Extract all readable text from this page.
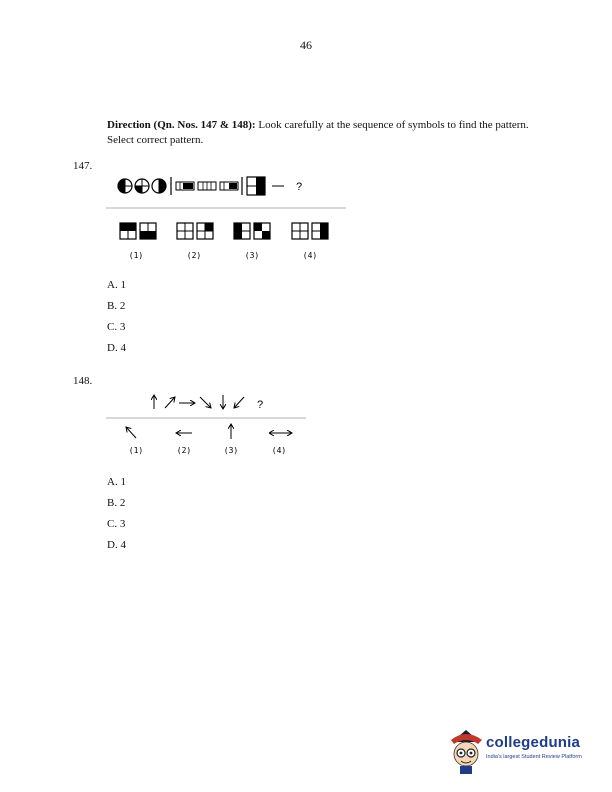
46
Direction (Qn. Nos. 147 & 148): Look carefully at the sequence of symbols to find the pattern. Select correct pattern.
147.
?
(1)	(2)	(3)	(4)
A. 1
B. 2
C. 3
D. 4
148.
?
(1)	(2)	(3)	(4)
A. 1
B. 2
C. 3
D. 4
collegedunia
India's largest Student Review Platform
